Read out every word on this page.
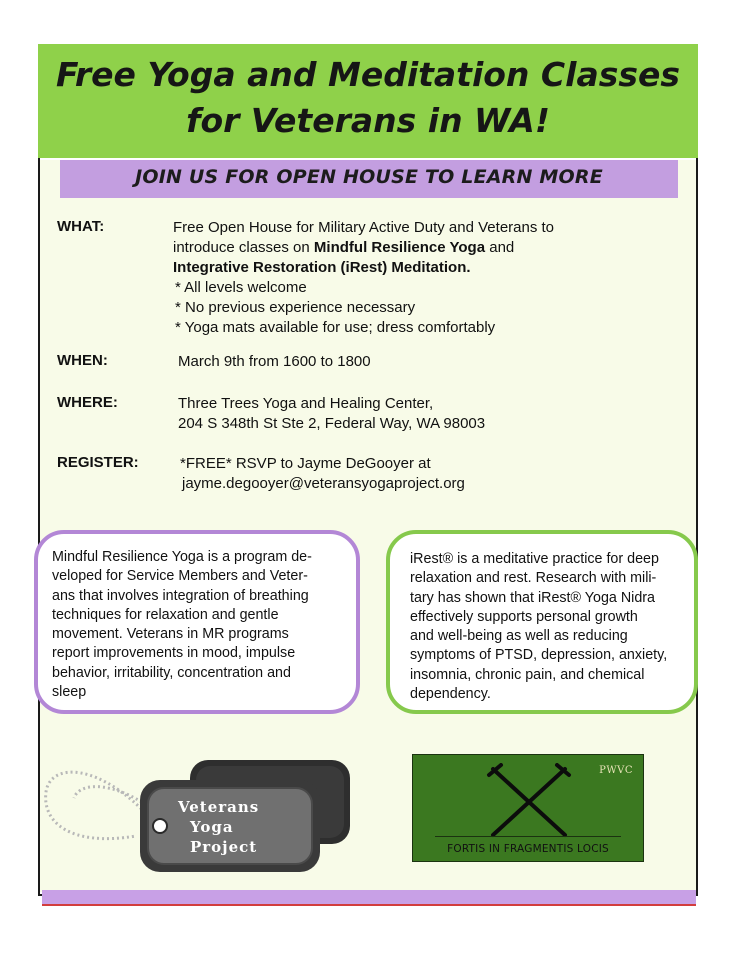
Free Yoga and Meditation Classes
for Veterans in WA!

JOIN US FOR OPEN HOUSE TO LEARN MORE

WHAT:	Free Open House for Military Active Duty and Veterans to
introduce classes on Mindful Resilience Yoga and
Integrative Restoration (iRest) Meditation.
* All levels welcome
* No previous experience necessary
* Yoga mats available for use; dress comfortably
WHEN:	March 9th from 1600 to 1800
WHERE:	Three Trees Yoga and Healing Center,
204 S 348th St Ste 2, Federal Way, WA 98003
REGISTER:	*FREE* RSVP to Jayme DeGooyer at
jayme.degooyer@veteransyogaproject.org

Mindful Resilience Yoga is a program de-
veloped for Service Members and Veter-
ans that involves integration of breathing
techniques for relaxation and gentle
movement. Veterans in MR programs
report improvements in mood, impulse
behavior, irritability, concentration and
sleep

iRest® is a meditative practice for deep
relaxation and rest. Research with mili-
tary has shown that iRest® Yoga Nidra
effectively supports personal growth
and well-being as well as reducing
symptoms of PTSD, depression, anxiety,
insomnia, chronic pain, and chemical
dependency.

Veterans
Yoga
Project
PWVC
FORTIS IN FRAGMENTIS LOCIS
